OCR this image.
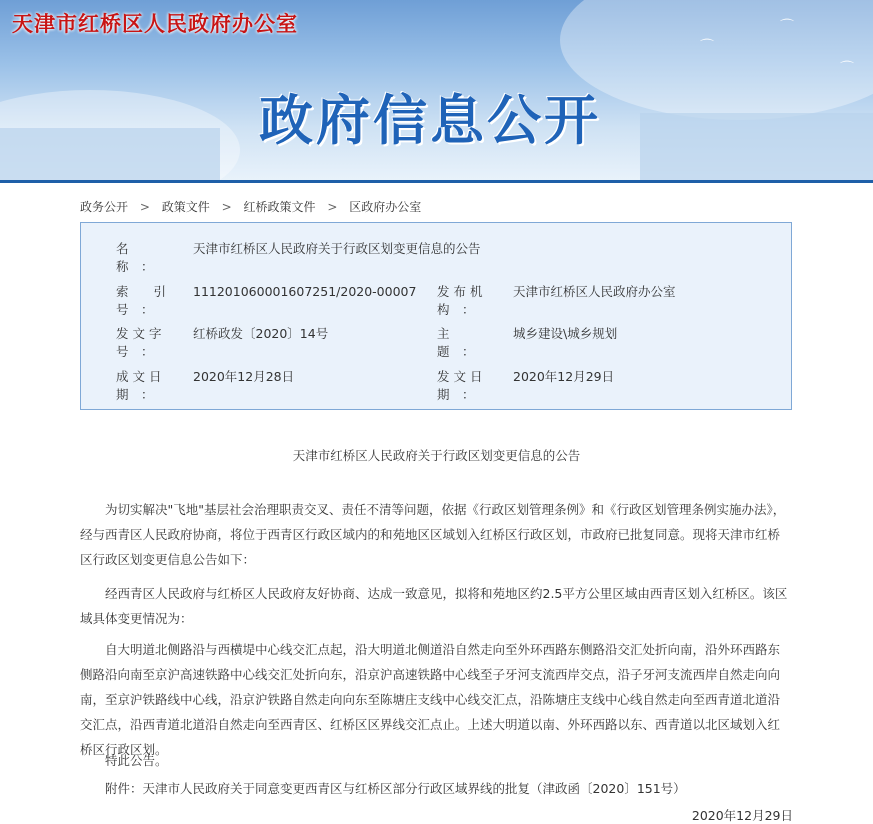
⌒
⌒
⌒
天津市红桥区人民政府办公室
政府信息公开
政务公开 > 政策文件 > 红桥政策文件 > 区政府办公室
名
称　：
天津市红桥区人民政府关于行政区划变更信息的公告
索　　引
号　：
111201060001607251/2020-00007 发 布 机
构　：
天津市红桥区人民政府办公室
发 文 字
号　：
红桥政发〔2020〕14号	主
题　：
城乡建设\城乡规划
成 文 日
期　：
2020年12月28日	发 文 日
期　：
2020年12月29日
天津市红桥区人民政府关于行政区划变更信息的公告

为切实解决"飞地"基层社会治理职责交叉、责任不清等问题，依据《行政区划管理条例》和《行政区划管理条例实施办法》，经与西青区人民政府协商，将位于西青区行政区域内的和苑地区区域划入红桥区行政区划，市政府已批复同意。现将天津市红桥区行政区划变更信息公告如下：

经西青区人民政府与红桥区人民政府友好协商、达成一致意见，拟将和苑地区约2.5平方公里区域由西青区划入红桥区。该区域具体变更情况为：

自大明道北侧路沿与西横堤中心线交汇点起，沿大明道北侧道沿自然走向至外环西路东侧路沿交汇处折向南，沿外环西路东侧路沿向南至京沪高速铁路中心线交汇处折向东，沿京沪高速铁路中心线至子牙河支流西岸交点，沿子牙河支流西岸自然走向向南，至京沪铁路线中心线，沿京沪铁路自然走向向东至陈塘庄支线中心线交汇点，沿陈塘庄支线中心线自然走向至西青道北道沿交汇点，沿西青道北道沿自然走向至西青区、红桥区区界线交汇点止。上述大明道以南、外环西路以东、西青道以北区域划入红桥区行政区划。

特此公告。

附件：天津市人民政府关于同意变更西青区与红桥区部分行政区域界线的批复（津政函〔2020〕151号）

2020年12月29日
